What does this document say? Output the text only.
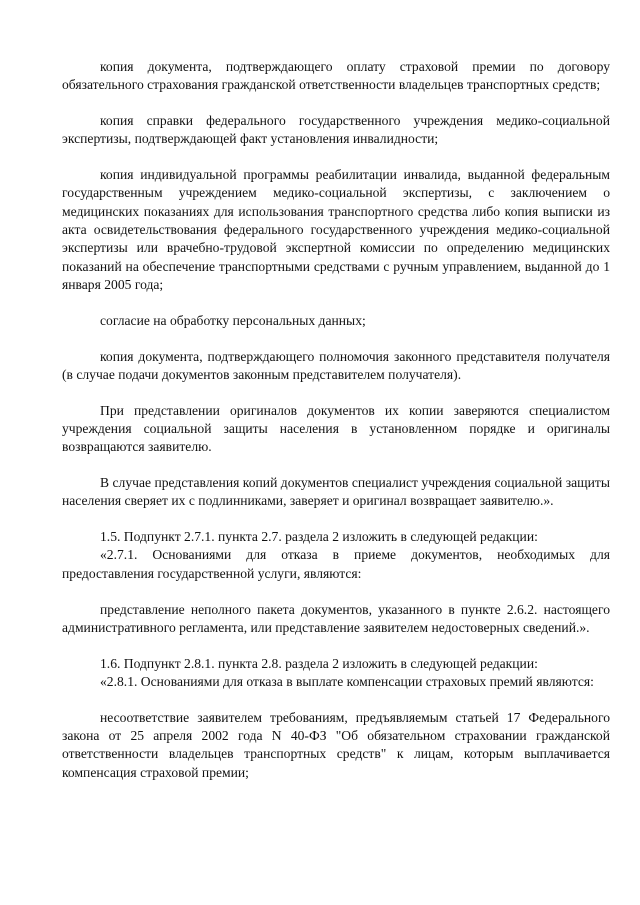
копия документа, подтверждающего оплату страховой премии по договору обязательного страхования гражданской ответственности владельцев транспортных средств;

копия справки федерального государственного учреждения медико-социальной экспертизы, подтверждающей факт установления инвалидности;

копия индивидуальной программы реабилитации инвалида, выданной федеральным государственным учреждением медико-социальной экспертизы, с заключением о медицинских показаниях для использования транспортного средства либо копия выписки из акта освидетельствования федерального государственного учреждения медико-социальной экспертизы или врачебно-трудовой экспертной комиссии по определению медицинских показаний на обеспечение транспортными средствами с ручным управлением, выданной до 1 января 2005 года;

согласие на обработку персональных данных;

копия документа, подтверждающего полномочия законного представителя получателя (в случае подачи документов законным представителем получателя).

При представлении оригиналов документов их копии заверяются специалистом учреждения социальной защиты населения в установленном порядке и оригиналы возвращаются заявителю.

В случае представления копий документов специалист учреждения социальной защиты населения сверяет их с подлинниками, заверяет и оригинал возвращает заявителю.».

1.5. Подпункт 2.7.1. пункта 2.7. раздела 2 изложить в следующей редакции:

«2.7.1. Основаниями для отказа в приеме документов, необходимых для предоставления государственной услуги, являются:

представление неполного пакета документов, указанного в пункте 2.6.2. настоящего административного регламента, или представление заявителем недостоверных сведений.».

1.6. Подпункт 2.8.1. пункта 2.8. раздела 2 изложить в следующей редакции:

«2.8.1. Основаниями для отказа в выплате компенсации страховых премий являются:

несоответствие заявителем требованиям, предъявляемым статьей 17 Федерального закона от 25 апреля 2002 года N 40-ФЗ "Об обязательном страховании гражданской ответственности владельцев транспортных средств" к лицам, которым выплачивается компенсация страховой премии;
